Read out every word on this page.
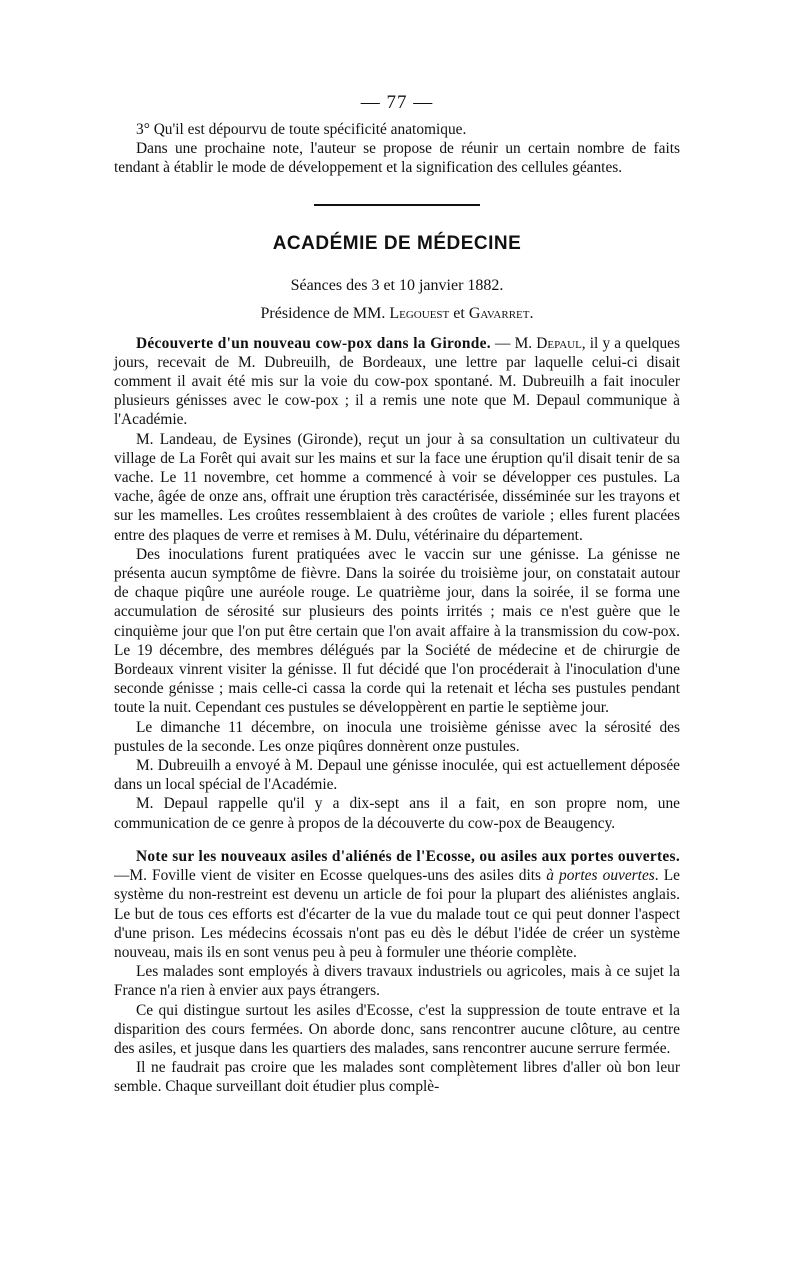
— 77 —

3° Qu'il est dépourvu de toute spécificité anatomique.

Dans une prochaine note, l'auteur se propose de réunir un certain nombre de faits tendant à établir le mode de développement et la signification des cellules géantes.

ACADÉMIE DE MÉDECINE

Séances des 3 et 10 janvier 1882.

Présidence de MM. Legouest et Gavarret.

Découverte d'un nouveau cow-pox dans la Gironde. — M. Depaul, il y a quelques jours, recevait de M. Dubreuilh, de Bordeaux, une lettre par laquelle celui-ci disait comment il avait été mis sur la voie du cow-pox spontané. M. Dubreuilh a fait inoculer plusieurs génisses avec le cow-pox ; il a remis une note que M. Depaul communique à l'Académie.

M. Landeau, de Eysines (Gironde), reçut un jour à sa consultation un cultivateur du village de La Forêt qui avait sur les mains et sur la face une éruption qu'il disait tenir de sa vache. Le 11 novembre, cet homme a commencé à voir se développer ces pustules. La vache, âgée de onze ans, offrait une éruption très caractérisée, disséminée sur les trayons et sur les mamelles. Les croûtes ressemblaient à des croûtes de variole ; elles furent placées entre des plaques de verre et remises à M. Dulu, vétérinaire du département.

Des inoculations furent pratiquées avec le vaccin sur une génisse. La génisse ne présenta aucun symptôme de fièvre. Dans la soirée du troisième jour, on constatait autour de chaque piqûre une auréole rouge. Le quatrième jour, dans la soirée, il se forma une accumulation de sérosité sur plusieurs des points irrités ; mais ce n'est guère que le cinquième jour que l'on put être certain que l'on avait affaire à la transmission du cow-pox. Le 19 décembre, des membres délégués par la Société de médecine et de chirurgie de Bordeaux vinrent visiter la génisse. Il fut décidé que l'on procéderait à l'inoculation d'une seconde génisse ; mais celle-ci cassa la corde qui la retenait et lécha ses pustules pendant toute la nuit. Cependant ces pustules se développèrent en partie le septième jour.

Le dimanche 11 décembre, on inocula une troisième génisse avec la sérosité des pustules de la seconde. Les onze piqûres donnèrent onze pustules.

M. Dubreuilh a envoyé à M. Depaul une génisse inoculée, qui est actuellement déposée dans un local spécial de l'Académie.

M. Depaul rappelle qu'il y a dix-sept ans il a fait, en son propre nom, une communication de ce genre à propos de la découverte du cow-pox de Beaugency.

Note sur les nouveaux asiles d'aliénés de l'Ecosse, ou asiles aux portes ouvertes.—M. Foville vient de visiter en Ecosse quelques-uns des asiles dits à portes ouvertes. Le système du non-restreint est devenu un article de foi pour la plupart des aliénistes anglais. Le but de tous ces efforts est d'écarter de la vue du malade tout ce qui peut donner l'aspect d'une prison. Les médecins écossais n'ont pas eu dès le début l'idée de créer un système nouveau, mais ils en sont venus peu à peu à formuler une théorie complète.

Les malades sont employés à divers travaux industriels ou agricoles, mais à ce sujet la France n'a rien à envier aux pays étrangers.

Ce qui distingue surtout les asiles d'Ecosse, c'est la suppression de toute entrave et la disparition des cours fermées. On aborde donc, sans rencontrer aucune clôture, au centre des asiles, et jusque dans les quartiers des malades, sans rencontrer aucune serrure fermée.

Il ne faudrait pas croire que les malades sont complètement libres d'aller où bon leur semble. Chaque surveillant doit étudier plus complè-
